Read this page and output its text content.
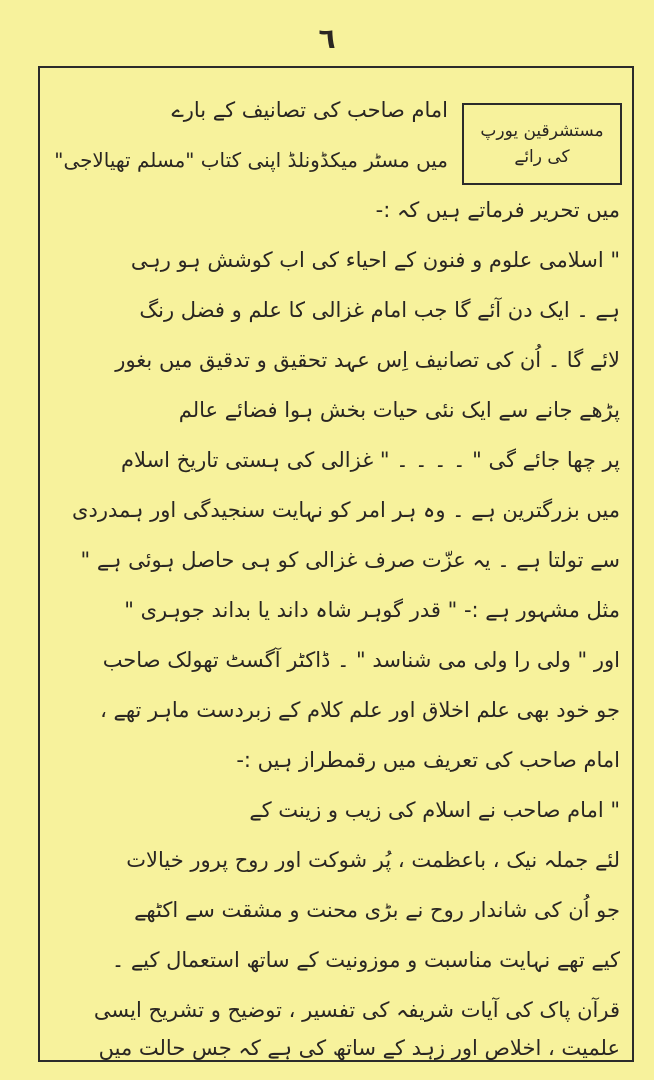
٦
مستشرقین یورپ
کی رائے
امام صاحب کی تصانیف کے بارے
میں مسٹر میکڈونلڈ اپنی کتاب "مسلم تھیالاجی"
میں تحریر فرماتے ہیں کہ :-
" اسلامی علوم و فنون کے احیاء کی اب کوشش ہو رہی
ہے ۔ ایک دن آئے گا جب امام غزالی کا علم و فضل رنگ
لائے گا ۔ اُن کی تصانیف اِس عہد تحقیق و تدقیق میں بغور
پڑھے جانے سے ایک نئی حیات بخش ہوا فضائے عالم
پر چھا جائے گی " ۔ ۔ ۔ ۔ " غزالی کی ہستی تاریخ اسلام
میں بزرگترین ہے ۔ وہ ہر امر کو نہایت سنجیدگی اور ہمدردی
سے تولتا ہے ۔ یہ عزّت صرف غزالی کو ہی حاصل ہوئی ہے "
مثل مشہور ہے :- " قدر گوہر شاہ داند یا بداند جوہری "
اور " ولی را ولی می شناسد " ۔ ڈاکٹر آگسٹ تھولک صاحب
جو خود بھی علم اخلاق اور علم کلام کے زبردست ماہر تھے ،
امام صاحب کی تعریف میں رقمطراز ہیں :-
" امام صاحب نے اسلام کی زیب و زینت کے
لئے جملہ نیک ، باعظمت ، پُر شوکت اور روح پرور خیالات
جو اُن کی شاندار روح نے بڑی محنت و مشقت سے اکٹھے
کیے تھے نہایت مناسبت و موزونیت کے ساتھ استعمال کیے ۔
قرآن پاک کی آیات شریفہ کی تفسیر ، توضیح و تشریح ایسی
علمیت ، اخلاص اور زہد کے ساتھ کی ہے کہ جس حالت میں
